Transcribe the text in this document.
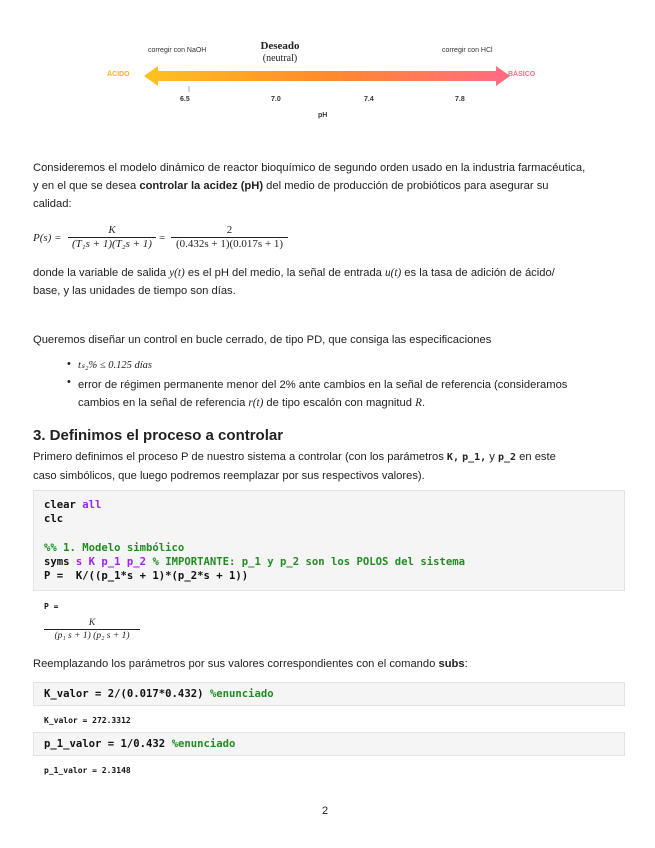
Deseado
(neutral)
corregir con NaOH	corregir con HCl
ÁCIDO	BÁSICO
6.5	7.0	7.4	7.8
pH
Consideremos el modelo dinámico de reactor bioquímico de segundo orden usado en la industria farmacéutica,
y en el que se desea controlar la acidez (pH) del medio de producción de probióticos para asegurar su
calidad:
P(s) =
K
(T₁s + 1)(T₂s + 1) =
2
(0.432s + 1)(0.017s + 1)
donde la variable de salida y(t) es el pH del medio, la señal de entrada u(t) es la tasa de adición de ácido/
base, y las unidades de tiempo son días.
Queremos diseñar un control en bucle cerrado, de tipo PD, que consiga las especificaciones
• tₛ₂% ≤ 0.125 días
• error de régimen permanente menor del 2% ante cambios en la señal de referencia (consideramos
cambios en la señal de referencia r(t) de tipo escalón con magnitud R.
3. Definimos el proceso a controlar
Primero definimos el proceso P de nuestro sistema a controlar (con los parámetros K, p_1, y p_2 en este
caso simbólicos, que luego podremos reemplazar por sus respectivos valores).
clear all
clc
%% 1. Modelo simbólico
syms s K p_1 p_2 % IMPORTANTE: p_1 y p_2 son los POLOS del sistema
P =  K/((p_1*s + 1)*(p_2*s + 1))
P =
K
(p₁ s + 1) (p₂ s + 1)
Reemplazando los parámetros por sus valores correspondientes con el comando subs:
K_valor = 2/(0.017*0.432) %enunciado
K_valor = 272.3312
p_1_valor = 1/0.432 %enunciado
p_1_valor = 2.3148
2
